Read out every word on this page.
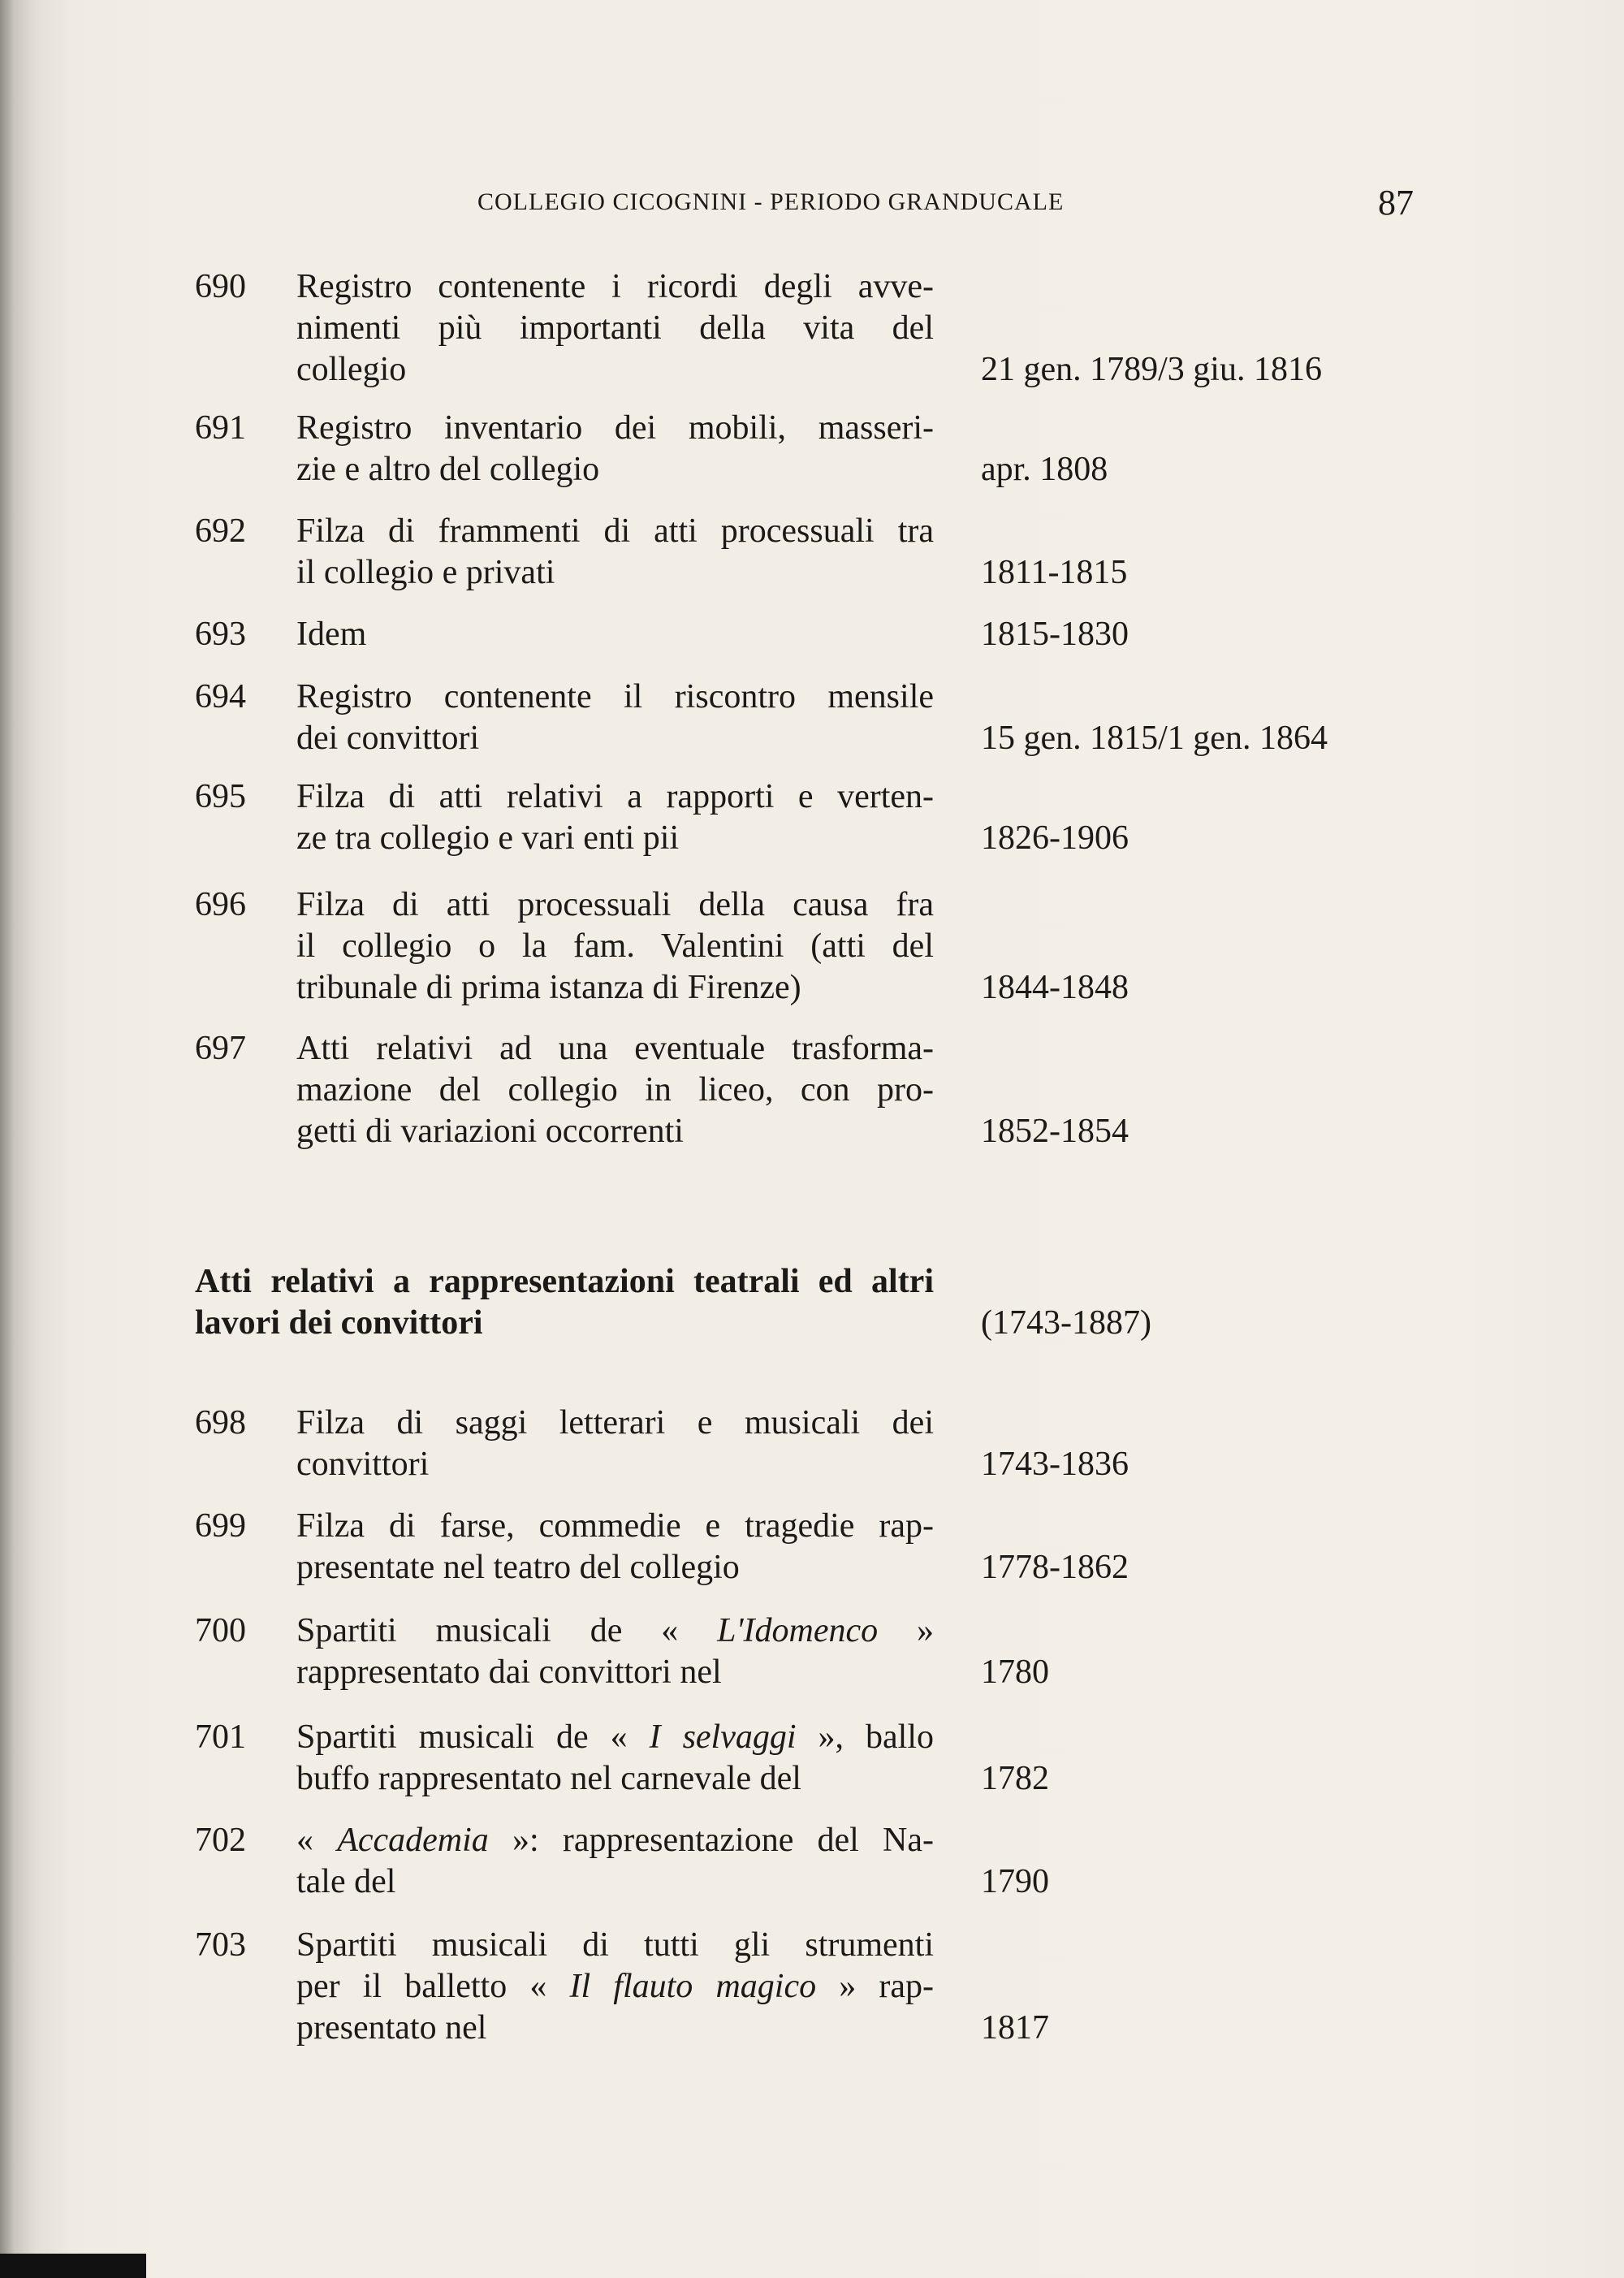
COLLEGIO CICOGNINI - PERIODO GRANDUCALE	87
690 Registro contenente i ricordi degli avve-
nimenti più importanti della vita del
collegio	21 gen. 1789/3 giu. 1816
691 Registro inventario dei mobili, masseri-
zie e altro del collegio	apr. 1808
692 Filza di frammenti di atti processuali tra
il collegio e privati	1811-1815
693 Idem	1815-1830
694 Registro contenente il riscontro mensile
dei convittori	15 gen. 1815/1 gen. 1864
695 Filza di atti relativi a rapporti e verten-
ze tra collegio e vari enti pii	1826-1906
696 Filza di atti processuali della causa fra
il collegio o la fam. Valentini (atti del
tribunale di prima istanza di Firenze)	1844-1848
697 Atti relativi ad una eventuale trasforma-
mazione del collegio in liceo, con pro-
getti di variazioni occorrenti	1852-1854
698 Filza di saggi letterari e musicali dei
convittori	1743-1836
699 Filza di farse, commedie e tragedie rap-
presentate nel teatro del collegio	1778-1862
700 Spartiti musicali de « L'Idomenco »
rappresentato dai convittori nel	1780
701 Spartiti musicali de « I selvaggi », ballo
buffo rappresentato nel carnevale del	1782
702 « Accademia »: rappresentazione del Na-
tale del	1790
703 Spartiti musicali di tutti gli strumenti
per il balletto « Il flauto magico » rap-
presentato nel	1817
Atti relativi a rappresentazioni teatrali ed altri
lavori dei convittori	(1743-1887)
